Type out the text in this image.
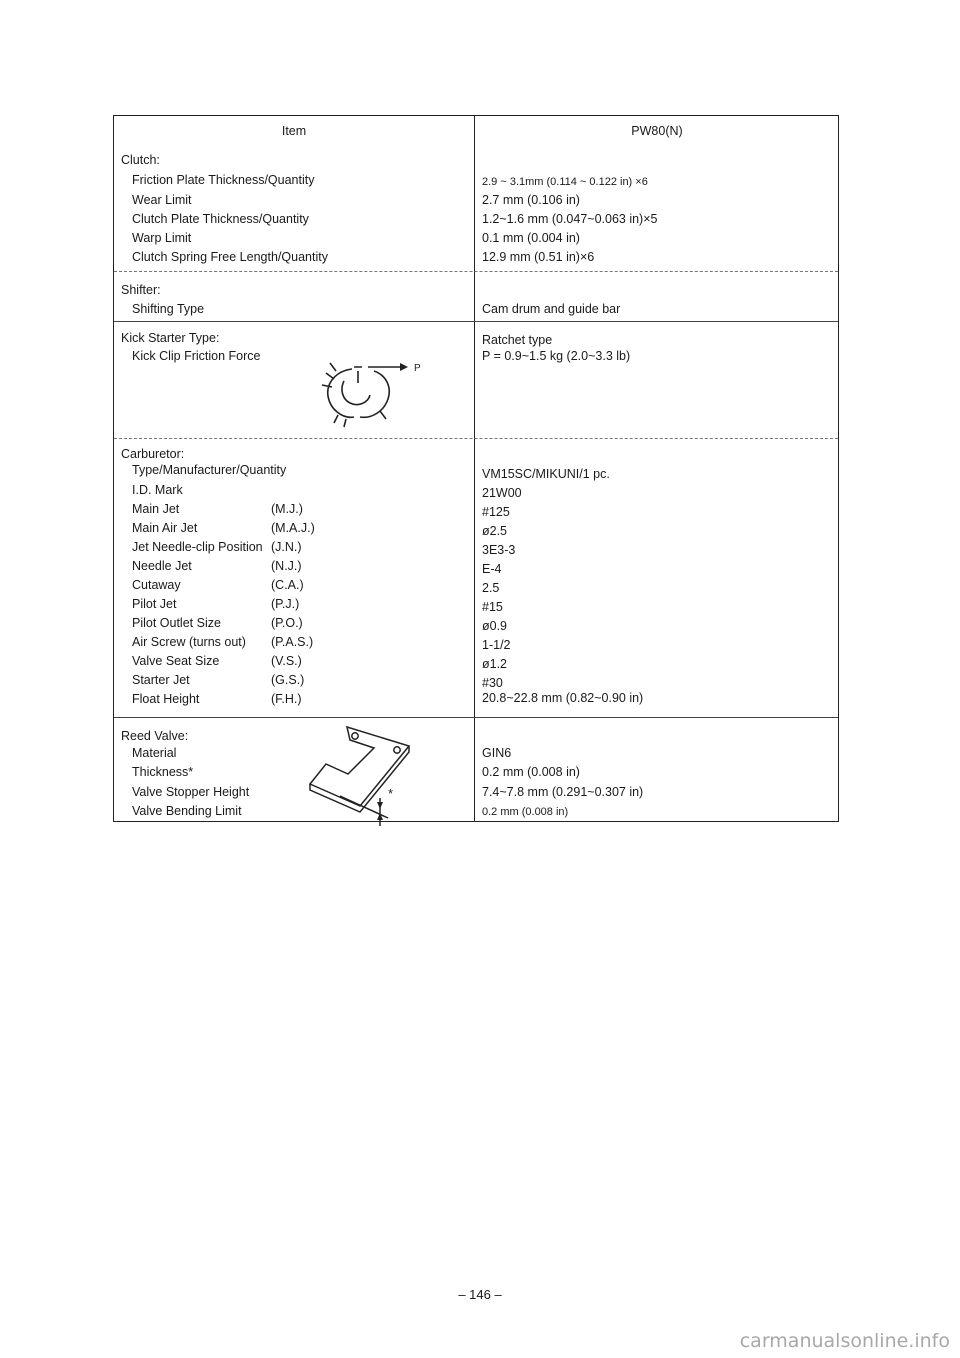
Item	PW80(N)
Clutch:
Friction Plate Thickness/Quantity
Wear Limit
Clutch Plate Thickness/Quantity
Warp Limit
Clutch Spring Free Length/Quantity
2.9 ~ 3.1mm (0.114 ~ 0.122 in) ×6
2.7 mm (0.106 in)
1.2~1.6 mm (0.047~0.063 in)×5
0.1 mm (0.004 in)
12.9 mm (0.51 in)×6
Shifter:
Shifting Type	Cam drum and guide bar
Kick Starter Type:
Kick Clip Friction Force
Ratchet type
P = 0.9~1.5 kg (2.0~3.3 lb)
P
Carburetor:
Type/Manufacturer/Quantity
I.D. Mark
Main Jet
Main Air Jet
Jet Needle-clip Position
Needle Jet
Cutaway
Pilot Jet
Pilot Outlet Size
Air Screw (turns out)
Valve Seat Size
Starter Jet
Float Height
(M.J.)
(M.A.J.)
(J.N.)
(N.J.)
(C.A.)
(P.J.)
(P.O.)
(P.A.S.)
(V.S.)
(G.S.)
(F.H.)
VM15SC/MIKUNI/1 pc.
21W00
#125
ø2.5
3E3-3
E-4
2.5
#15
ø0.9
1-1/2
ø1.2
#30
20.8~22.8 mm (0.82~0.90 in)
Reed Valve:
Material
Thickness*
Valve Stopper Height
Valve Bending Limit
GIN6
0.2 mm (0.008 in)
7.4~7.8 mm (0.291~0.307 in)
0.2 mm (0.008 in)
*
– 146 –
carmanualsonline.info
